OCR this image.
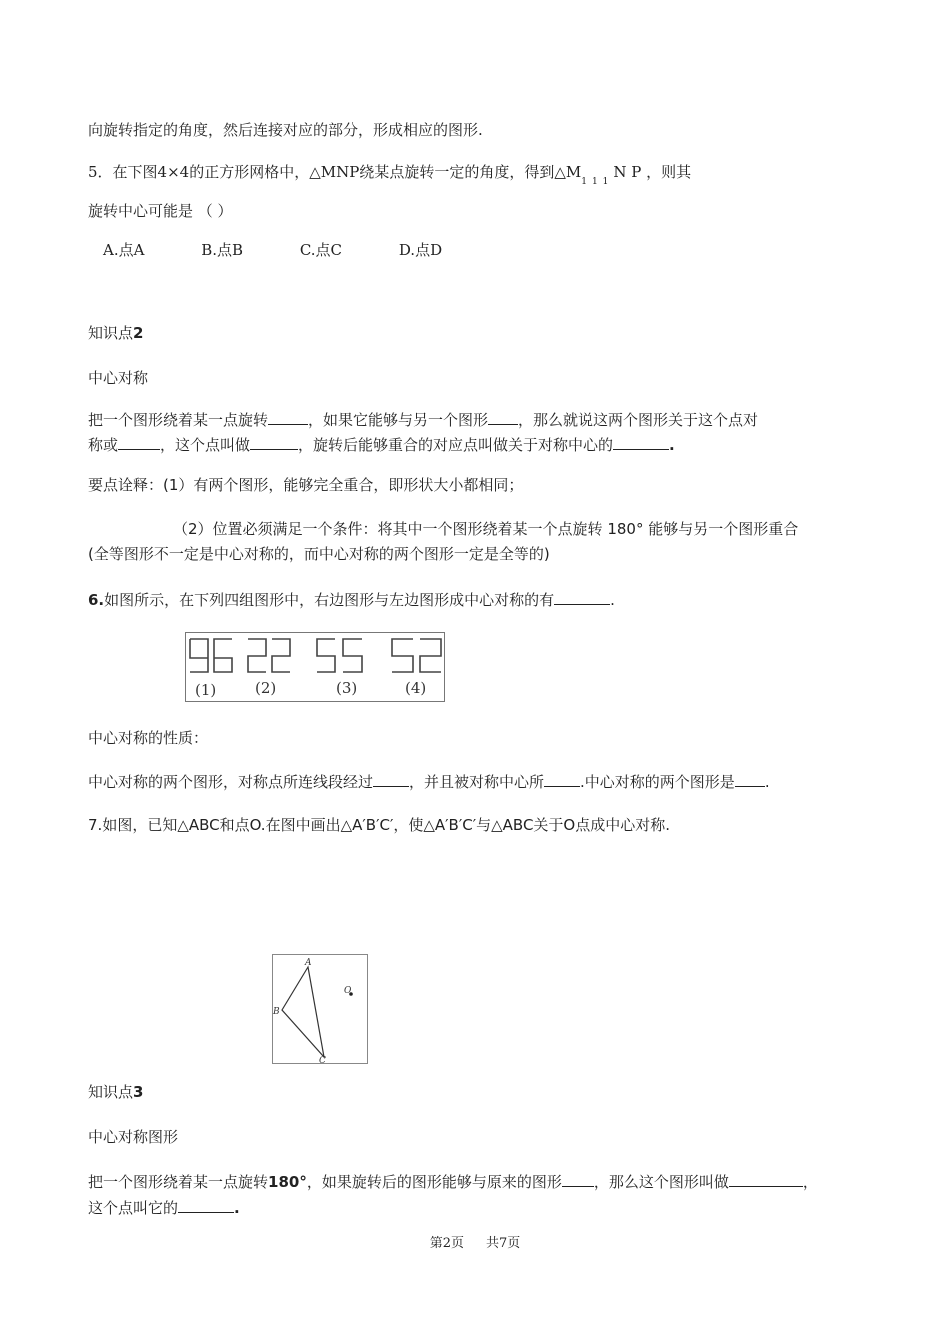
向旋转指定的角度，然后连接对应的部分，形成相应的图形.
5．在下图4×4的正方形网格中，△MNP绕某点旋转一定的角度，得到$\triangle M_{111}N$ P ，则其
旋转中心可能是 （ ）
A.点A	B.点B	C.点C	D.点D
知识点2
中心对称
把一个图形绕着某一点旋转	，如果它能够与另一个图形 ，那么就说这两个图形关于这个点对
称或	，这个点叫做	，旋转后能够重合的对应点叫做关于对称中心的	.
要点诠释：(1）有两个图形，能够完全重合，即形状大小都相同；
（2）位置必须满足一个条件：将其中一个图形绕着某一个点旋转 180° 能够与另一个图形重合
(全等图形不一定是中心对称的，而中心对称的两个图形一定是全等的)
6.如图所示，在下列四组图形中，右边图形与左边图形成中心对称的有	.
(1)	(2)	(3)	(4)
中心对称的性质：
中心对称的两个图形，对称点所连线段经过 ，并且被对称中心所 .中心对称的两个图形是 .
7.如图，已知△ABC和点O.在图中画出△A′B′C′，使△A′B′C′与△ABC关于O点成中心对称.
A
B
C
O
知识点3
中心对称图形
把一个图形绕着某一点旋转180°，如果旋转后的图形能够与原来的图形 ，那么这个图形叫做	，
这个点叫它的	.
第2页 共7页
